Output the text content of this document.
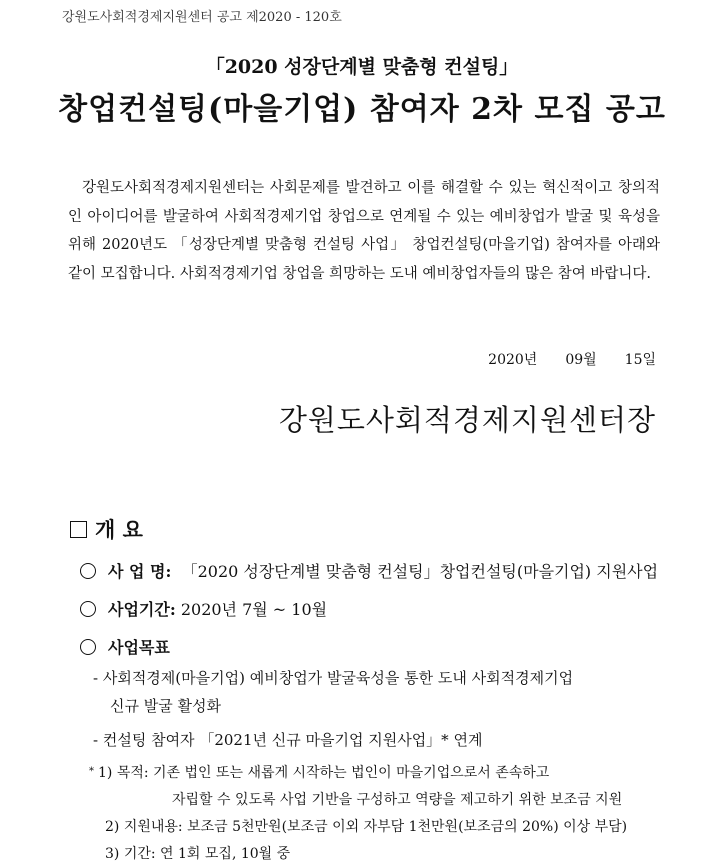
강원도사회적경제지원센터 공고 제2020 - 120호
「2020 성장단계별 맞춤형 컨설팅」
창업컨설팅(마을기업) 참여자 2차 모집 공고

강원도사회적경제지원센터는 사회문제를 발견하고 이를 해결할 수 있는 혁신적이고 창의적인 아이디어를 발굴하여 사회적경제기업 창업으로 연계될 수 있는 예비창업가 발굴 및 육성을 위해 2020년도 「성장단계별 맞춤형 컨설팅 사업」 창업컨설팅(마을기업) 참여자를 아래와 같이 모집합니다. 사회적경제기업 창업을 희망하는 도내 예비창업자들의 많은 참여 바랍니다.

2020년 09월 15일
강원도사회적경제지원센터장
개 요
사 업 명: 「2020 성장단계별 맞춤형 컨설팅」창업컨설팅(마을기업) 지원사업
사업기간: 2020년 7월 ~ 10월
사업목표
- 사회적경제(마을기업) 예비창업가 발굴육성을 통한 도내 사회적경제기업
신규 발굴 활성화
- 컨설팅 참여자 「2021년 신규 마을기업 지원사업」* 연계
* 1) 목적: 기존 법인 또는 새롭게 시작하는 법인이 마을기업으로서 존속하고
자립할 수 있도록 사업 기반을 구성하고 역량을 제고하기 위한 보조금 지원
2) 지원내용: 보조금 5천만원(보조금 이외 자부담 1천만원(보조금의 20%) 이상 부담)
3) 기간: 연 1회 모집, 10월 중
